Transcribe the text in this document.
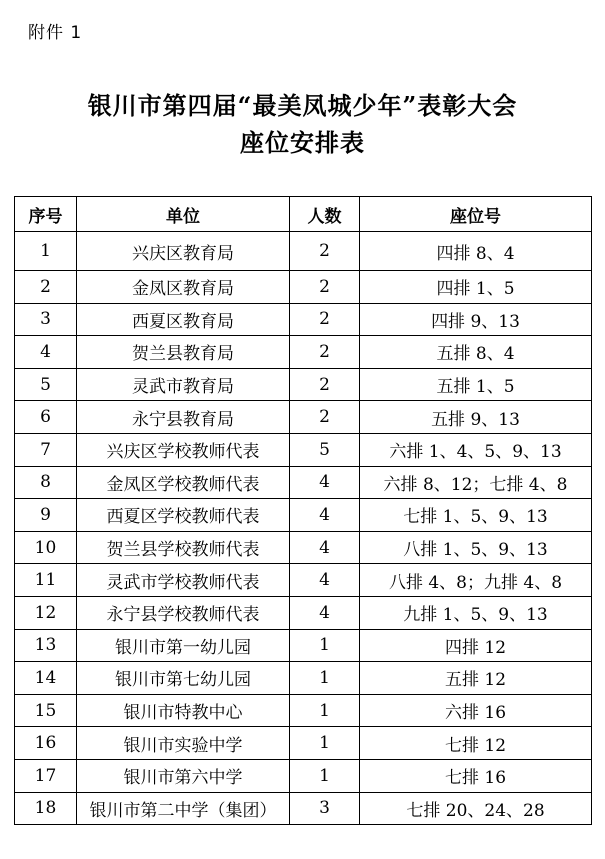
附件 1
银川市第四届“最美凤城少年”表彰大会
座位安排表
序号	单位	人数	座位号
1	兴庆区教育局	2	四排 8、4
2	金凤区教育局	2	四排 1、5
3	西夏区教育局	2	四排 9、13
4	贺兰县教育局	2	五排 8、4
5	灵武市教育局	2	五排 1、5
6	永宁县教育局	2	五排 9、13
7	兴庆区学校教师代表	5	六排 1、4、5、9、13
8	金凤区学校教师代表	4	六排 8、12；七排 4、8
9	西夏区学校教师代表	4	七排 1、5、9、13
10	贺兰县学校教师代表	4	八排 1、5、9、13
11	灵武市学校教师代表	4	八排 4、8；九排 4、8
12	永宁县学校教师代表	4	九排 1、5、9、13
13	银川市第一幼儿园	1	四排 12
14	银川市第七幼儿园	1	五排 12
15	银川市特教中心	1	六排 16
16	银川市实验中学	1	七排 12
17	银川市第六中学	1	七排 16
18	银川市第二中学（集团）	3	七排 20、24、28
